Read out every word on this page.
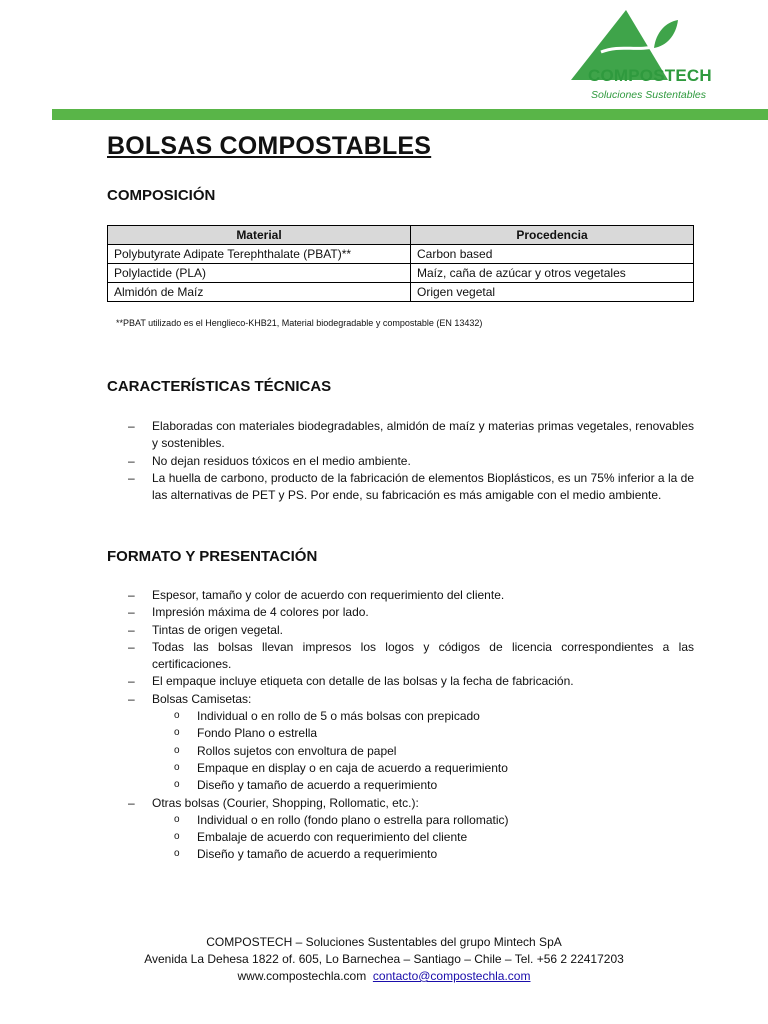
COMPOSTECH
Soluciones Sustentables
BOLSAS COMPOSTABLES
COMPOSICIÓN
Material	Procedencia
Polybutyrate Adipate Terephthalate (PBAT)**	Carbon based
Polylactide (PLA)	Maíz, caña de azúcar y otros vegetales
Almidón de Maíz	Origen vegetal
**PBAT utilizado es el Henglieco-KHB21, Material biodegradable y compostable (EN 13432)
CARACTERÍSTICAS TÉCNICAS
– Elaboradas con materiales biodegradables, almidón de maíz y materias primas vegetales, renovables y sostenibles.
– No dejan residuos tóxicos en el medio ambiente.
– La huella de carbono, producto de la fabricación de elementos Bioplásticos, es un 75% inferior a la de las alternativas de PET y PS. Por ende, su fabricación es más amigable con el medio ambiente.
FORMATO Y PRESENTACIÓN
– Espesor, tamaño y color de acuerdo con requerimiento del cliente.
– Impresión máxima de 4 colores por lado.
– Tintas de origen vegetal.
– Todas las bolsas llevan impresos los logos y códigos de licencia correspondientes a las certificaciones.
– El empaque incluye etiqueta con detalle de las bolsas y la fecha de fabricación.
– Bolsas Camisetas:
o Individual o en rollo de 5 o más bolsas con prepicado
o Fondo Plano o estrella
o Rollos sujetos con envoltura de papel
o Empaque en display o en caja de acuerdo a requerimiento
o Diseño y tamaño de acuerdo a requerimiento
– Otras bolsas (Courier, Shopping, Rollomatic, etc.):
o Individual o en rollo (fondo plano o estrella para rollomatic)
o Embalaje de acuerdo con requerimiento del cliente
o Diseño y tamaño de acuerdo a requerimiento
COMPOSTECH – Soluciones Sustentables del grupo Mintech SpA
Avenida La Dehesa 1822 of. 605, Lo Barnechea – Santiago – Chile – Tel. +56 2 22417203
www.compostechla.com contacto@compostechla.com
